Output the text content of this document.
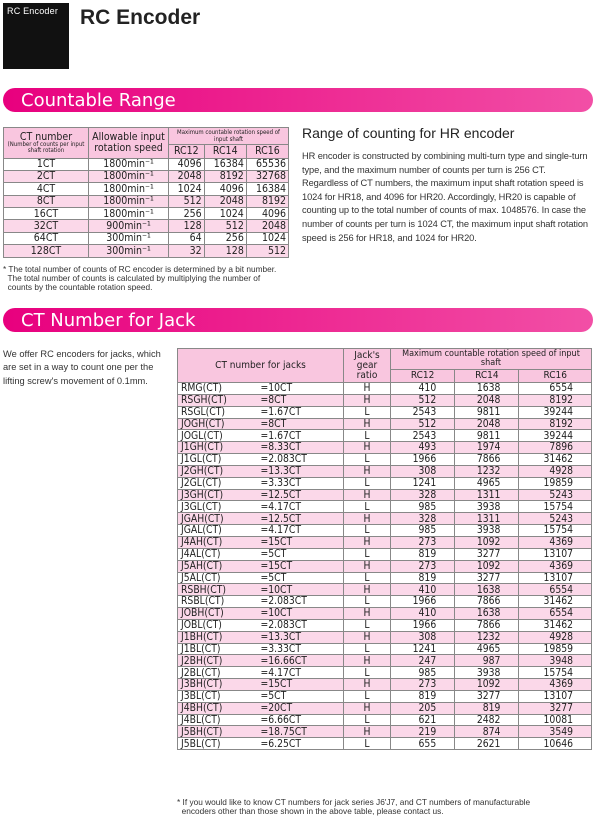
RC Encoder RC Encoder
Countable Range
CT number
(Number of counts per input shaft rotation	Allowable input rotation speed	Maximum countable rotation speed of input shaft		
		RC12	RC14	RC16
1CT	1800min⁻¹	4096	16384	65536
2CT	1800min⁻¹	2048	8192	32768
4CT	1800min⁻¹	1024	4096	16384
8CT	1800min⁻¹	512	2048	8192
16CT	1800min⁻¹	256	1024	4096
32CT	900min⁻¹	128	512	2048
64CT	300min⁻¹	64	256	1024
128CT	300min⁻¹	32	128	512
* The total number of counts of RC encoder is determined by a bit number.
The total number of counts is calculated by multiplying the number of
counts by the countable rotation speed.
Range of counting for HR encoder
HR encoder is constructed by combining multi-turn type and single-turn type, and the maximum number of counts per turn is 256 CT. Regardless of CT numbers, the maximum input shaft rotation speed is 1024 for HR18, and 4096 for HR20. Accordingly, HR20 is capable of counting up to the total number of counts of max. 1048576. In case the number of counts per turn is 1024 CT, the maximum input shaft rotation speed is 256 for HR18, and 1024 for HR20.
CT Number for Jack
We offer RC encoders for jacks, which are set in a way to count one per the lifting screw's movement of 0.1mm.
CT number for jacks		Jack's gear ratio	Maximum countable rotation speed of input shaft		
			RC12	RC14	RC16
RMG(CT)	=10CT	H	410	1638	6554
RSGH(CT)	=8CT	H	512	2048	8192
RSGL(CT)	=1.67CT	L	2543	9811	39244
JOGH(CT)	=8CT	H	512	2048	8192
JOGL(CT)	=1.67CT	L	2543	9811	39244
J1GH(CT)	=8.33CT	H	493	1974	7896
J1GL(CT)	=2.083CT	L	1966	7866	31462
J2GH(CT)	=13.3CT	H	308	1232	4928
J2GL(CT)	=3.33CT	L	1241	4965	19859
J3GH(CT)	=12.5CT	H	328	1311	5243
J3GL(CT)	=4.17CT	L	985	3938	15754
JGAH(CT)	=12.5CT	H	328	1311	5243
JGAL(CT)	=4.17CT	L	985	3938	15754
J4AH(CT)	=15CT	H	273	1092	4369
J4AL(CT)	=5CT	L	819	3277	13107
J5AH(CT)	=15CT	H	273	1092	4369
J5AL(CT)	=5CT	L	819	3277	13107
RSBH(CT)	=10CT	H	410	1638	6554
RSBL(CT)	=2.083CT	L	1966	7866	31462
JOBH(CT)	=10CT	H	410	1638	6554
JOBL(CT)	=2.083CT	L	1966	7866	31462
J1BH(CT)	=13.3CT	H	308	1232	4928
J1BL(CT)	=3.33CT	L	1241	4965	19859
J2BH(CT)	=16.66CT	H	247	987	3948
J2BL(CT)	=4.17CT	L	985	3938	15754
J3BH(CT)	=15CT	H	273	1092	4369
J3BL(CT)	=5CT	L	819	3277	13107
J4BH(CT)	=20CT	H	205	819	3277
J4BL(CT)	=6.66CT	L	621	2482	10081
J5BH(CT)	=18.75CT	H	219	874	3549
J5BL(CT)	=6.25CT	L	655	2621	10646
* If you would like to know CT numbers for jack series J6'J7, and CT numbers of manufacturable
encoders other than those shown in the above table, please contact us.
